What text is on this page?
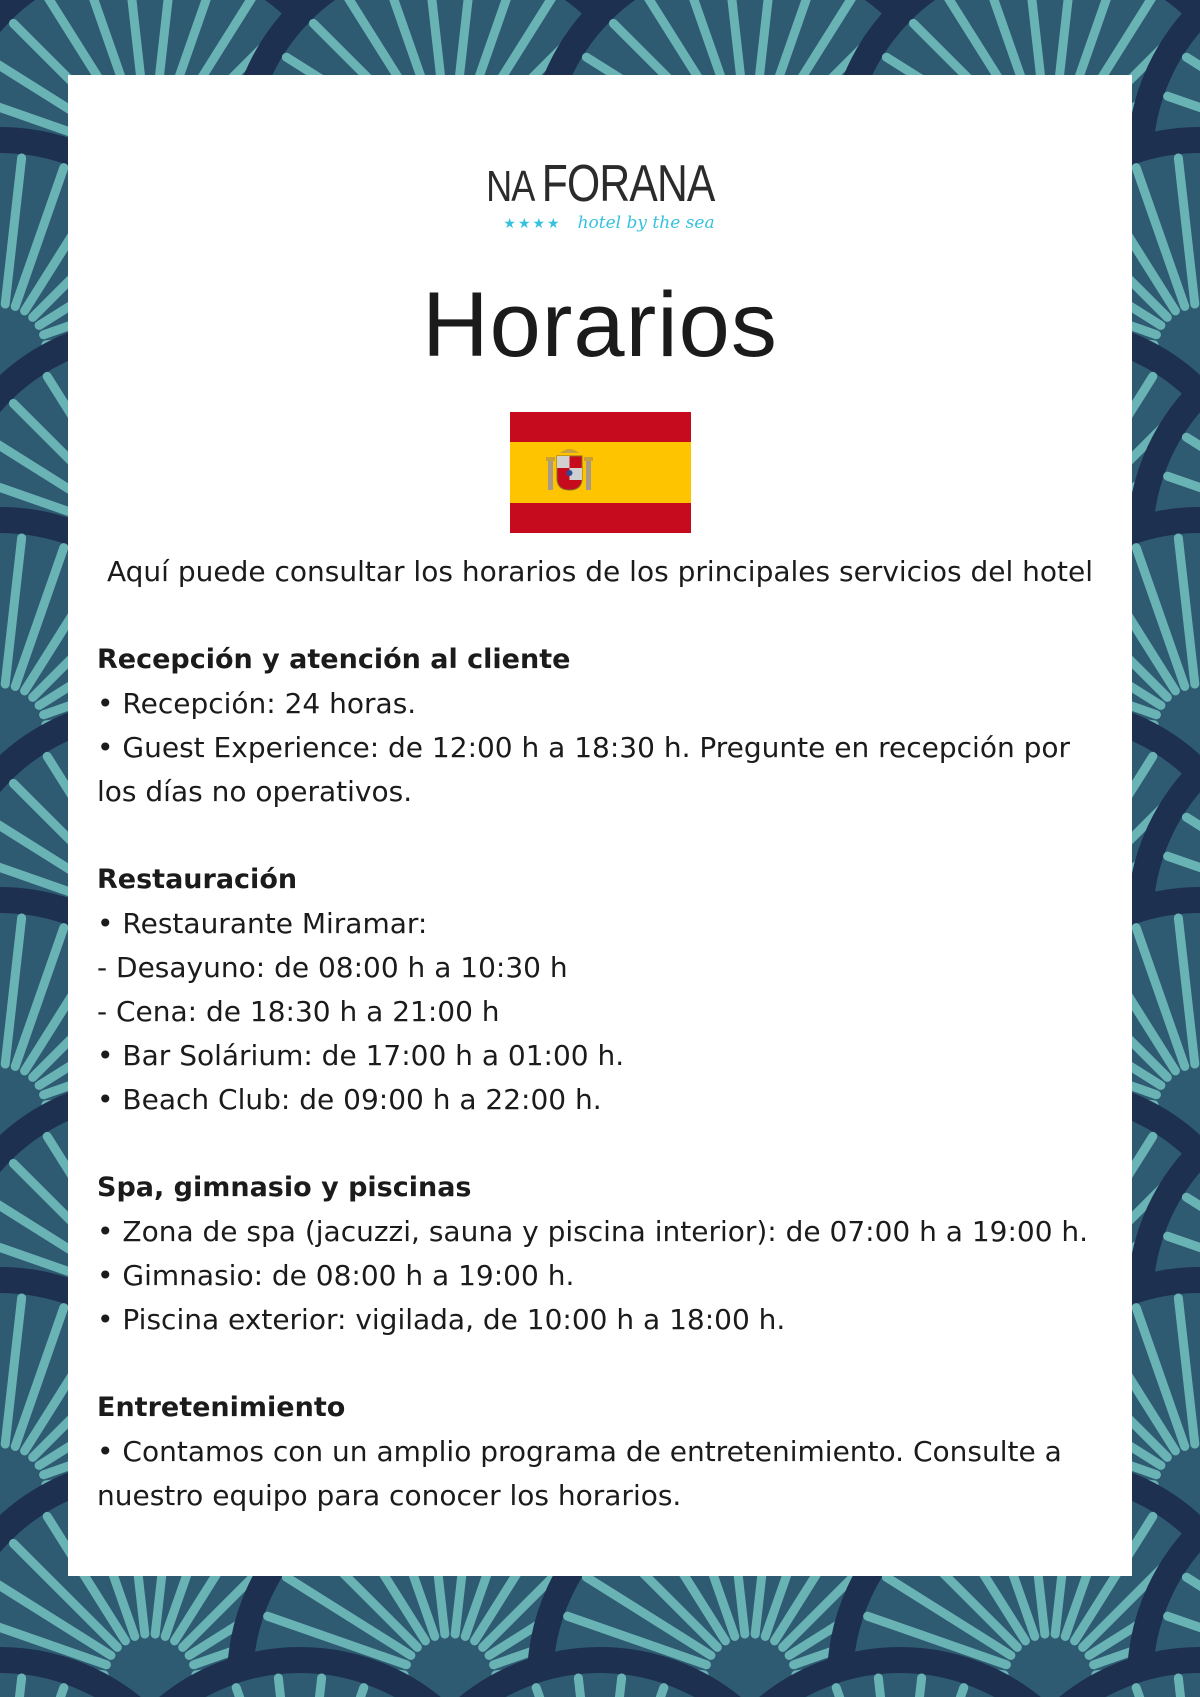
NA FORANA
★★★★ hotel by the sea
Horarios
Aquí puede consultar los horarios de los principales servicios del hotel
Recepción y atención al cliente

• Recepción: 24 horas.

• Guest Experience: de 12:00 h a 18:30 h. Pregunte en recepción por los días no operativos.

Restauración

• Restaurante Miramar:

- Desayuno: de 08:00 h a 10:30 h

- Cena: de 18:30 h a 21:00 h

• Bar Solárium: de 17:00 h a 01:00 h.

• Beach Club: de 09:00 h a 22:00 h.

Spa, gimnasio y piscinas

• Zona de spa (jacuzzi, sauna y piscina interior): de 07:00 h a 19:00 h.

• Gimnasio: de 08:00 h a 19:00 h.

• Piscina exterior: vigilada, de 10:00 h a 18:00 h.

Entretenimiento

• Contamos con un amplio programa de entretenimiento. Consulte a nuestro equipo para conocer los horarios.
